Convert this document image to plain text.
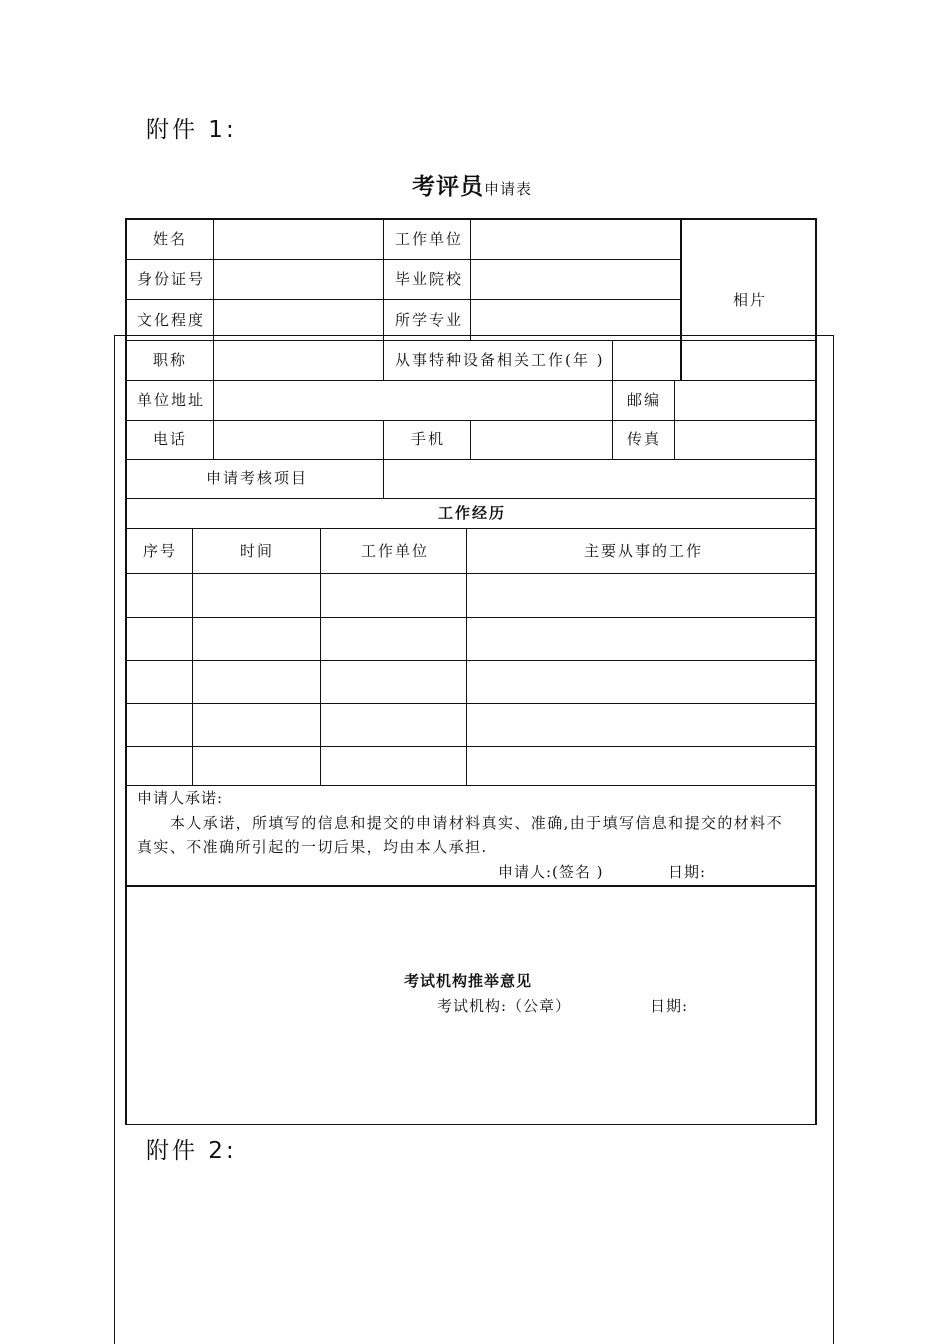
附件 1:
考评员申请表
姓名	工作单位
身份证号	毕业院校
文化程度	所学专业
相片
职称	从事特种设备相关工作(年 )
单位地址	邮编
电话	手机	传真
申请考核项目
工作经历
序号	时间	工作单位	主要从事的工作
申请人承诺:
本人承诺，所填写的信息和提交的申请材料真实、准确,由于填写信息和提交的材料不
真实、不准确所引起的一切后果，均由本人承担.
申请人:(签名 )	日期:
考试机构推举意见
考试机构:（公章）	日期:
附件 2:
